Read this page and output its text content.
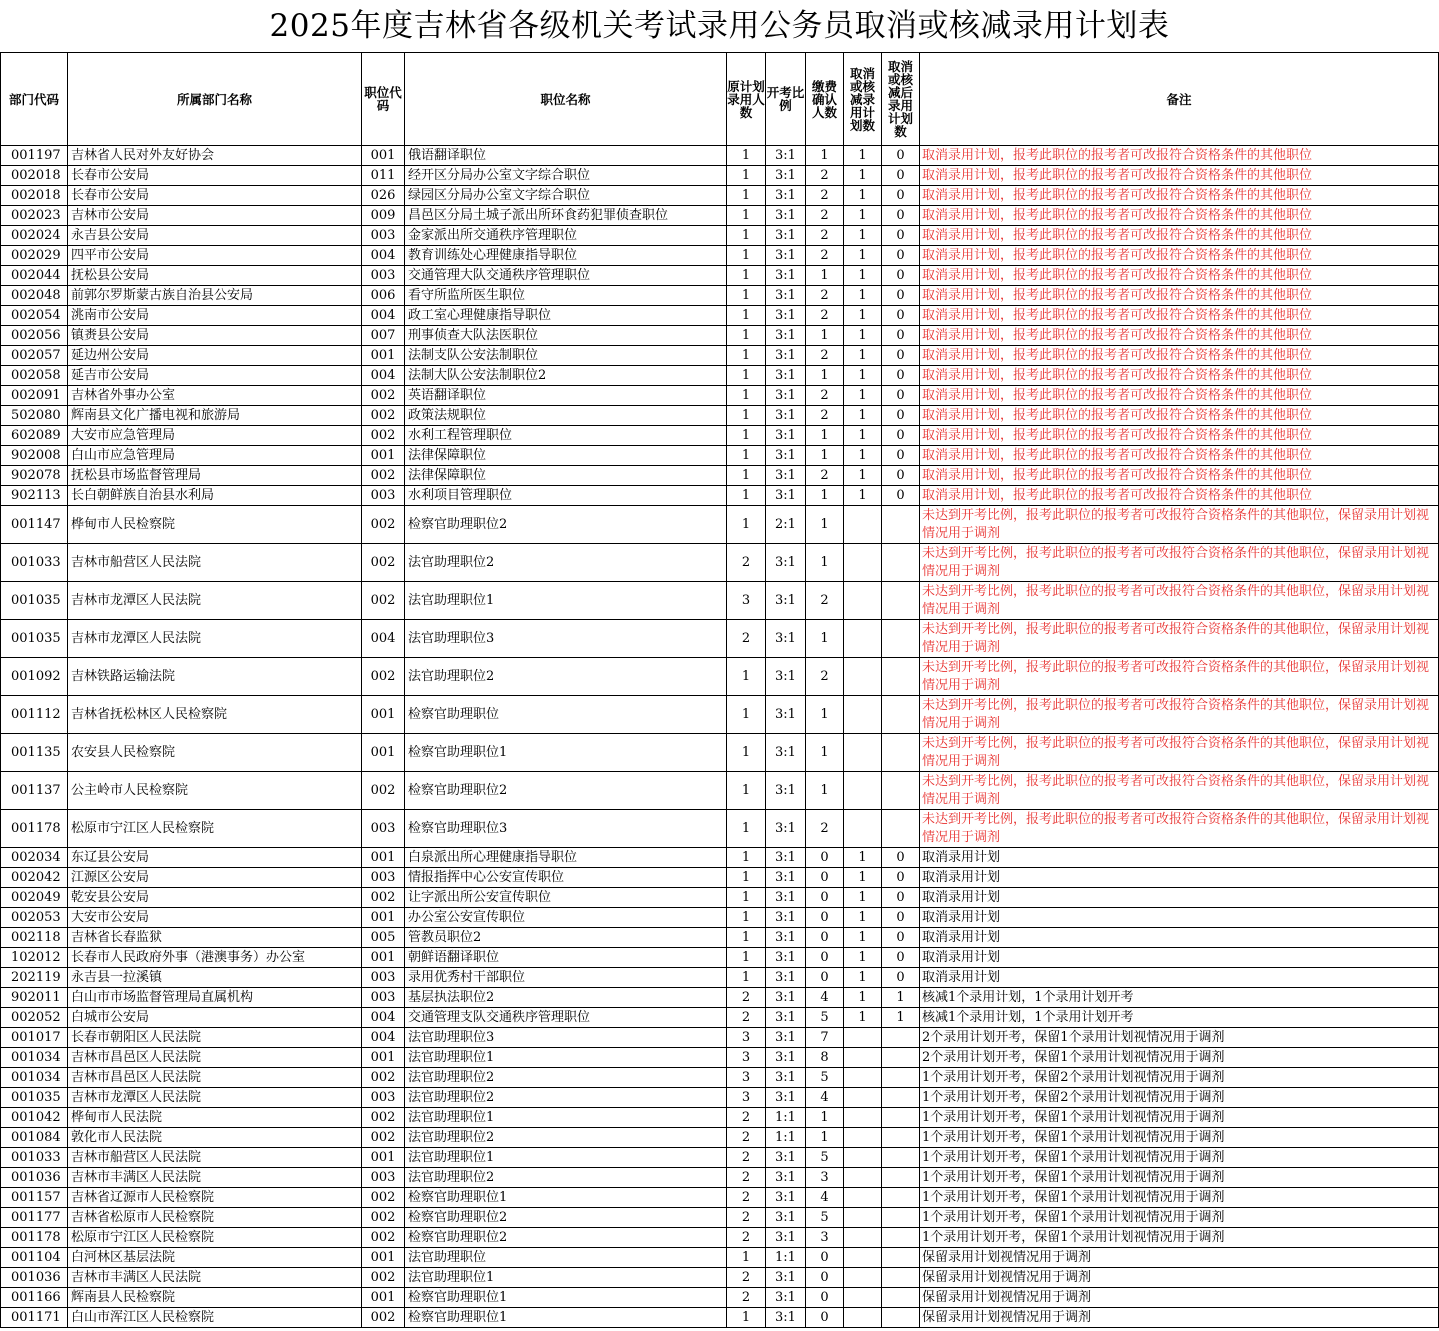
2025年度吉林省各级机关考试录用公务员取消或核减录用计划表
部门代码	所属部门名称	职位代码	职位名称	原计划录用人数	开考比例	缴费确认人数	取消或核减录用计划数	取消或核减后录用计划数	备注
001197	吉林省人民对外友好协会	001	俄语翻译职位	1	3:1	1	1	0	取消录用计划，报考此职位的报考者可改报符合资格条件的其他职位
002018	长春市公安局	011	经开区分局办公室文字综合职位	1	3:1	2	1	0	取消录用计划，报考此职位的报考者可改报符合资格条件的其他职位
002018	长春市公安局	026	绿园区分局办公室文字综合职位	1	3:1	2	1	0	取消录用计划，报考此职位的报考者可改报符合资格条件的其他职位
002023	吉林市公安局	009	昌邑区分局土城子派出所环食药犯罪侦查职位	1	3:1	2	1	0	取消录用计划，报考此职位的报考者可改报符合资格条件的其他职位
002024	永吉县公安局	003	金家派出所交通秩序管理职位	1	3:1	2	1	0	取消录用计划，报考此职位的报考者可改报符合资格条件的其他职位
002029	四平市公安局	004	教育训练处心理健康指导职位	1	3:1	2	1	0	取消录用计划，报考此职位的报考者可改报符合资格条件的其他职位
002044	抚松县公安局	003	交通管理大队交通秩序管理职位	1	3:1	1	1	0	取消录用计划，报考此职位的报考者可改报符合资格条件的其他职位
002048	前郭尔罗斯蒙古族自治县公安局	006	看守所监所医生职位	1	3:1	2	1	0	取消录用计划，报考此职位的报考者可改报符合资格条件的其他职位
002054	洮南市公安局	004	政工室心理健康指导职位	1	3:1	2	1	0	取消录用计划，报考此职位的报考者可改报符合资格条件的其他职位
002056	镇赉县公安局	007	刑事侦查大队法医职位	1	3:1	1	1	0	取消录用计划，报考此职位的报考者可改报符合资格条件的其他职位
002057	延边州公安局	001	法制支队公安法制职位	1	3:1	2	1	0	取消录用计划，报考此职位的报考者可改报符合资格条件的其他职位
002058	延吉市公安局	004	法制大队公安法制职位2	1	3:1	1	1	0	取消录用计划，报考此职位的报考者可改报符合资格条件的其他职位
002091	吉林省外事办公室	002	英语翻译职位	1	3:1	2	1	0	取消录用计划，报考此职位的报考者可改报符合资格条件的其他职位
502080	辉南县文化广播电视和旅游局	002	政策法规职位	1	3:1	2	1	0	取消录用计划，报考此职位的报考者可改报符合资格条件的其他职位
602089	大安市应急管理局	002	水利工程管理职位	1	3:1	1	1	0	取消录用计划，报考此职位的报考者可改报符合资格条件的其他职位
902008	白山市应急管理局	001	法律保障职位	1	3:1	1	1	0	取消录用计划，报考此职位的报考者可改报符合资格条件的其他职位
902078	抚松县市场监督管理局	002	法律保障职位	1	3:1	2	1	0	取消录用计划，报考此职位的报考者可改报符合资格条件的其他职位
902113	长白朝鲜族自治县水利局	003	水利项目管理职位	1	3:1	1	1	0	取消录用计划，报考此职位的报考者可改报符合资格条件的其他职位
001147	桦甸市人民检察院	002	检察官助理职位2	1	2:1	1			未达到开考比例，报考此职位的报考者可改报符合资格条件的其他职位，保留录用计划视情况用于调剂
001033	吉林市船营区人民法院	002	法官助理职位2	2	3:1	1			未达到开考比例，报考此职位的报考者可改报符合资格条件的其他职位，保留录用计划视情况用于调剂
001035	吉林市龙潭区人民法院	002	法官助理职位1	3	3:1	2			未达到开考比例，报考此职位的报考者可改报符合资格条件的其他职位，保留录用计划视情况用于调剂
001035	吉林市龙潭区人民法院	004	法官助理职位3	2	3:1	1			未达到开考比例，报考此职位的报考者可改报符合资格条件的其他职位，保留录用计划视情况用于调剂
001092	吉林铁路运输法院	002	法官助理职位2	1	3:1	2			未达到开考比例，报考此职位的报考者可改报符合资格条件的其他职位，保留录用计划视情况用于调剂
001112	吉林省抚松林区人民检察院	001	检察官助理职位	1	3:1	1			未达到开考比例，报考此职位的报考者可改报符合资格条件的其他职位，保留录用计划视情况用于调剂
001135	农安县人民检察院	001	检察官助理职位1	1	3:1	1			未达到开考比例，报考此职位的报考者可改报符合资格条件的其他职位，保留录用计划视情况用于调剂
001137	公主岭市人民检察院	002	检察官助理职位2	1	3:1	1			未达到开考比例，报考此职位的报考者可改报符合资格条件的其他职位，保留录用计划视情况用于调剂
001178	松原市宁江区人民检察院	003	检察官助理职位3	1	3:1	2			未达到开考比例，报考此职位的报考者可改报符合资格条件的其他职位，保留录用计划视情况用于调剂
002034	东辽县公安局	001	白泉派出所心理健康指导职位	1	3:1	0	1	0	取消录用计划
002042	江源区公安局	003	情报指挥中心公安宣传职位	1	3:1	0	1	0	取消录用计划
002049	乾安县公安局	002	让字派出所公安宣传职位	1	3:1	0	1	0	取消录用计划
002053	大安市公安局	001	办公室公安宣传职位	1	3:1	0	1	0	取消录用计划
002118	吉林省长春监狱	005	管教员职位2	1	3:1	0	1	0	取消录用计划
102012	长春市人民政府外事（港澳事务）办公室	001	朝鲜语翻译职位	1	3:1	0	1	0	取消录用计划
202119	永吉县一拉溪镇	003	录用优秀村干部职位	1	3:1	0	1	0	取消录用计划
902011	白山市市场监督管理局直属机构	003	基层执法职位2	2	3:1	4	1	1	核减1个录用计划，1个录用计划开考
002052	白城市公安局	004	交通管理支队交通秩序管理职位	2	3:1	5	1	1	核减1个录用计划，1个录用计划开考
001017	长春市朝阳区人民法院	004	法官助理职位3	3	3:1	7			2个录用计划开考，保留1个录用计划视情况用于调剂
001034	吉林市昌邑区人民法院	001	法官助理职位1	3	3:1	8			2个录用计划开考，保留1个录用计划视情况用于调剂
001034	吉林市昌邑区人民法院	002	法官助理职位2	3	3:1	5			1个录用计划开考，保留2个录用计划视情况用于调剂
001035	吉林市龙潭区人民法院	003	法官助理职位2	3	3:1	4			1个录用计划开考，保留2个录用计划视情况用于调剂
001042	桦甸市人民法院	002	法官助理职位1	2	1:1	1			1个录用计划开考，保留1个录用计划视情况用于调剂
001084	敦化市人民法院	002	法官助理职位2	2	1:1	1			1个录用计划开考，保留1个录用计划视情况用于调剂
001033	吉林市船营区人民法院	001	法官助理职位1	2	3:1	5			1个录用计划开考，保留1个录用计划视情况用于调剂
001036	吉林市丰满区人民法院	003	法官助理职位2	2	3:1	3			1个录用计划开考，保留1个录用计划视情况用于调剂
001157	吉林省辽源市人民检察院	002	检察官助理职位1	2	3:1	4			1个录用计划开考，保留1个录用计划视情况用于调剂
001177	吉林省松原市人民检察院	002	检察官助理职位2	2	3:1	5			1个录用计划开考，保留1个录用计划视情况用于调剂
001178	松原市宁江区人民检察院	002	检察官助理职位2	2	3:1	3			1个录用计划开考，保留1个录用计划视情况用于调剂
001104	白河林区基层法院	001	法官助理职位	1	1:1	0			保留录用计划视情况用于调剂
001036	吉林市丰满区人民法院	002	法官助理职位1	2	3:1	0			保留录用计划视情况用于调剂
001166	辉南县人民检察院	001	检察官助理职位1	2	3:1	0			保留录用计划视情况用于调剂
001171	白山市浑江区人民检察院	002	检察官助理职位1	1	3:1	0			保留录用计划视情况用于调剂
